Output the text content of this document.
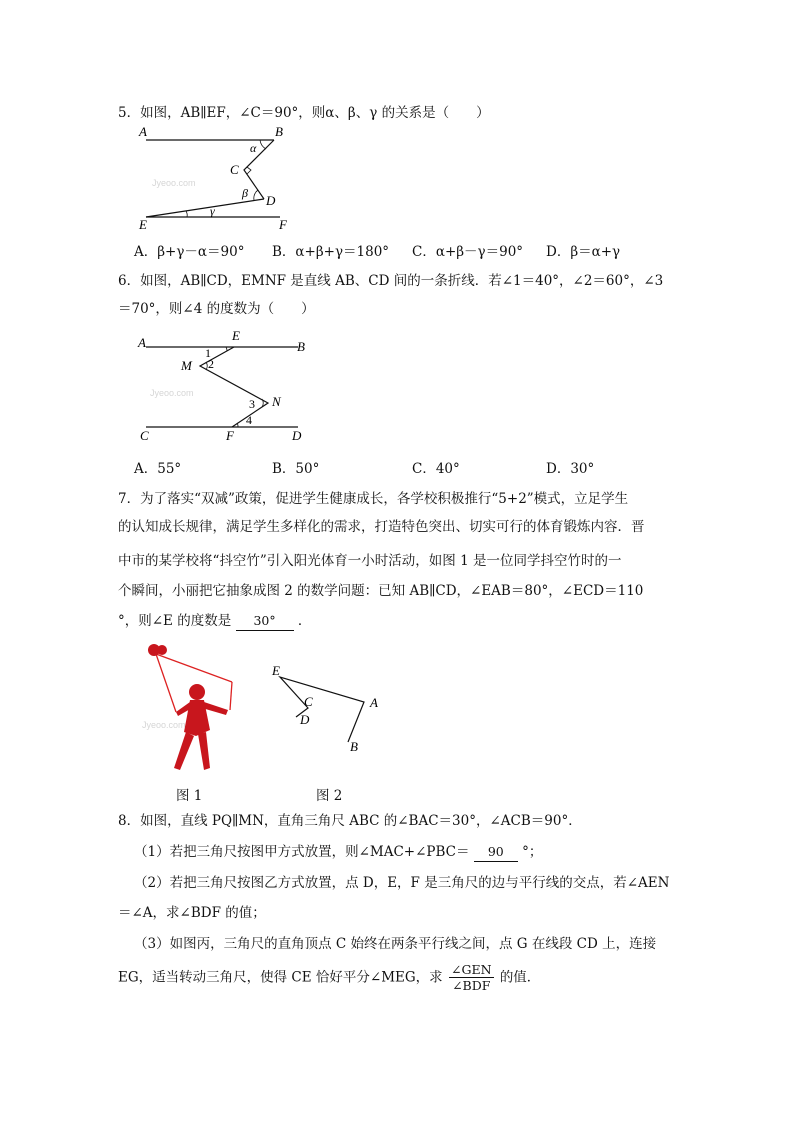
5．如图，AB∥EF，∠C＝90°，则α、β、γ 的关系是（　　）
Jyeoo.com
A	B
C
D
E	F
α
β
γ
A．β+γ－α＝90° B．α+β+γ＝180° C．α+β－γ＝90° D．β＝α+γ
6．如图，AB∥CD，EMNF 是直线 AB、CD 间的一条折线．若∠1＝40°，∠2＝60°，∠3
＝70°，则∠4 的度数为（　　）
Jyeoo.com
A	B
E
M
N
C	F	D
1
2
3
4
A．55°	B．50°	C．40°	D．30°
7．为了落实“双减”政策，促进学生健康成长，各学校积极推行“5+2”模式，立足学生
的认知成长规律，满足学生多样化的需求，打造特色突出、切实可行的体育锻炼内容．晋
中市的某学校将“抖空竹”引入阳光体育一小时活动，如图 1 是一位同学抖空竹时的一
个瞬间，小丽把它抽象成图 2 的数学问题：已知 AB∥CD，∠EAB＝80°，∠ECD＝110
°，则∠E 的度数是 30° ．
Jyeoo.com
E
C
D
A
B
图 1	图 2
8．如图，直线 PQ∥MN，直角三角尺 ABC 的∠BAC＝30°，∠ACB＝90°．
（1）若把三角尺按图甲方式放置，则∠MAC+∠PBC＝ 90 °；
（2）若把三角尺按图乙方式放置，点 D，E，F 是三角尺的边与平行线的交点，若∠AEN
＝∠A，求∠BDF 的值；
（3）如图丙，三角尺的直角顶点 C 始终在两条平行线之间，点 G 在线段 CD 上，连接
EG，适当转动三角尺，使得 CE 恰好平分∠MEG，求 $\frac{\text{∠GEN}}{\text{∠BDF}}$ 的值．
